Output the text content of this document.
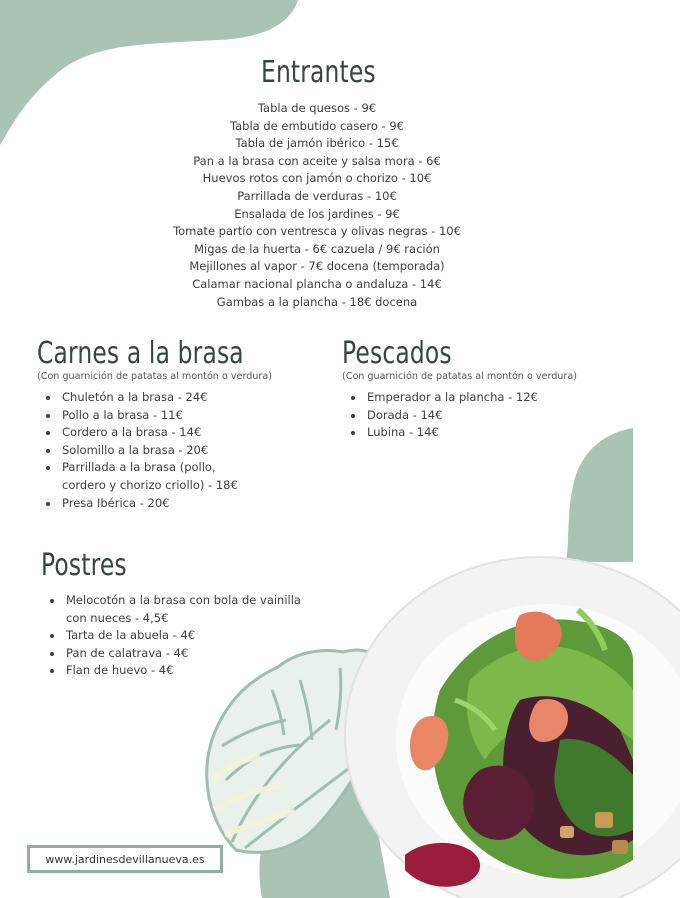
Entrantes
Tabla de quesos - 9€
Tabla de embutido casero - 9€
Tabla de jamón ibérico - 15€
Pan a la brasa con aceite y salsa mora - 6€
Huevos rotos con jamón o chorizo - 10€
Parrillada de verduras - 10€
Ensalada de los jardines - 9€
Tomate partío con ventresca y olivas negras - 10€
Migas de la huerta - 6€ cazuela / 9€ ración
Mejillones al vapor - 7€ docena (temporada)
Calamar nacional plancha o andaluza - 14€
Gambas a la plancha - 18€ docena
Carnes a la brasa
(Con guarnición de patatas al montón o verdura)
• Chuletón a la brasa - 24€
• Pollo a la brasa - 11€
• Cordero a la brasa - 14€
• Solomillo a la brasa - 20€
• Parrillada a la brasa (pollo, cordero y chorizo criollo) - 18€
• Presa Ibérica - 20€
Pescados
(Con guarnición de patatas al montón o verdura)
• Emperador a la plancha - 12€
• Dorada - 14€
• Lubina - 14€
Postres
• Melocotón a la brasa con bola de vainilla con nueces - 4,5€
• Tarta de la abuela - 4€
• Pan de calatrava - 4€
• Flan de huevo - 4€
www.jardinesdevillanueva.es
